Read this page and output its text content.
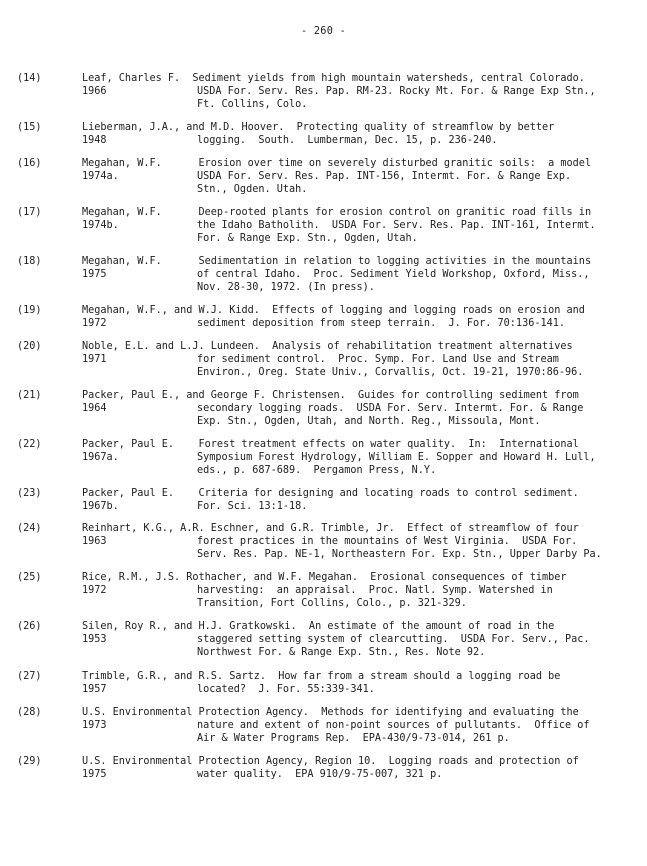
- 260 -
(14)	Leaf, Charles F.  Sediment yields from high mountain watersheds, central Colorado.
1966	USDA For. Serv. Res. Pap. RM-23. Rocky Mt. For. & Range Exp Stn.,
Ft. Collins, Colo.
(15)	Lieberman, J.A., and M.D. Hoover.  Protecting quality of streamflow by better
1948	logging.  South.  Lumberman, Dec. 15, p. 236-240.
(16)	Megahan, W.F.      Erosion over time on severely disturbed granitic soils:  a model
1974a.	USDA For. Serv. Res. Pap. INT-156, Intermt. For. & Range Exp.
Stn., Ogden. Utah.
(17)	Megahan, W.F.      Deep-rooted plants for erosion control on granitic road fills in
1974b.	the Idaho Batholith.  USDA For. Serv. Res. Pap. INT-161, Intermt.
For. & Range Exp. Stn., Ogden, Utah.
(18)	Megahan, W.F.      Sedimentation in relation to logging activities in the mountains
1975	of central Idaho.  Proc. Sediment Yield Workshop, Oxford, Miss.,
Nov. 28-30, 1972. (In press).
(19)	Megahan, W.F., and W.J. Kidd.  Effects of logging and logging roads on erosion and
1972	sediment deposition from steep terrain.  J. For. 70:136-141.
(20)	Noble, E.L. and L.J. Lundeen.  Analysis of rehabilitation treatment alternatives
1971	for sediment control.  Proc. Symp. For. Land Use and Stream
Environ., Oreg. State Univ., Corvallis, Oct. 19-21, 1970:86-96.
(21)	Packer, Paul E., and George F. Christensen.  Guides for controlling sediment from
1964	secondary logging roads.  USDA For. Serv. Intermt. For. & Range
Exp. Stn., Ogden, Utah, and North. Reg., Missoula, Mont.
(22)	Packer, Paul E.    Forest treatment effects on water quality.  In:  International
1967a.	Symposium Forest Hydrology, William E. Sopper and Howard H. Lull,
eds., p. 687-689.  Pergamon Press, N.Y.
(23)	Packer, Paul E.    Criteria for designing and locating roads to control sediment.
1967b.	For. Sci. 13:1-18.
(24)	Reinhart, K.G., A.R. Eschner, and G.R. Trimble, Jr.  Effect of streamflow of four
1963	forest practices in the mountains of West Virginia.  USDA For.
Serv. Res. Pap. NE-1, Northeastern For. Exp. Stn., Upper Darby Pa.
(25)	Rice, R.M., J.S. Rothacher, and W.F. Megahan.  Erosional consequences of timber
1972	harvesting:  an appraisal.  Proc. Natl. Symp. Watershed in
Transition, Fort Collins, Colo., p. 321-329.
(26)	Silen, Roy R., and H.J. Gratkowski.  An estimate of the amount of road in the
1953	staggered setting system of clearcutting.  USDA For. Serv., Pac.
Northwest For. & Range Exp. Stn., Res. Note 92.
(27)	Trimble, G.R., and R.S. Sartz.  How far from a stream should a logging road be
1957	located?  J. For. 55:339-341.
(28)	U.S. Environmental Protection Agency.  Methods for identifying and evaluating the
1973	nature and extent of non-point sources of pullutants.  Office of
Air & Water Programs Rep.  EPA-430/9-73-014, 261 p.
(29)	U.S. Environmental Protection Agency, Region 10.  Logging roads and protection of
1975	water quality.  EPA 910/9-75-007, 321 p.
